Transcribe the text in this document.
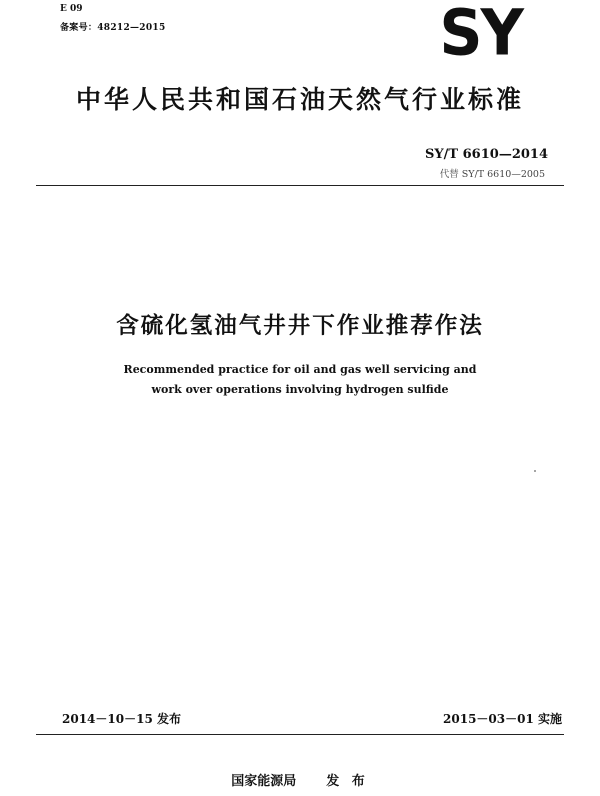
E 09
备案号：48212—2015	SY
中华人民共和国石油天然气行业标准
SY/T 6610—2014
代替 SY/T 6610—2005
含硫化氢油气井井下作业推荐作法
Recommended practice for oil and gas well servicing and
work over operations involving hydrogen sulfide
2014－10－15 发布	2015－03－01 实施
国家能源局 发 布
